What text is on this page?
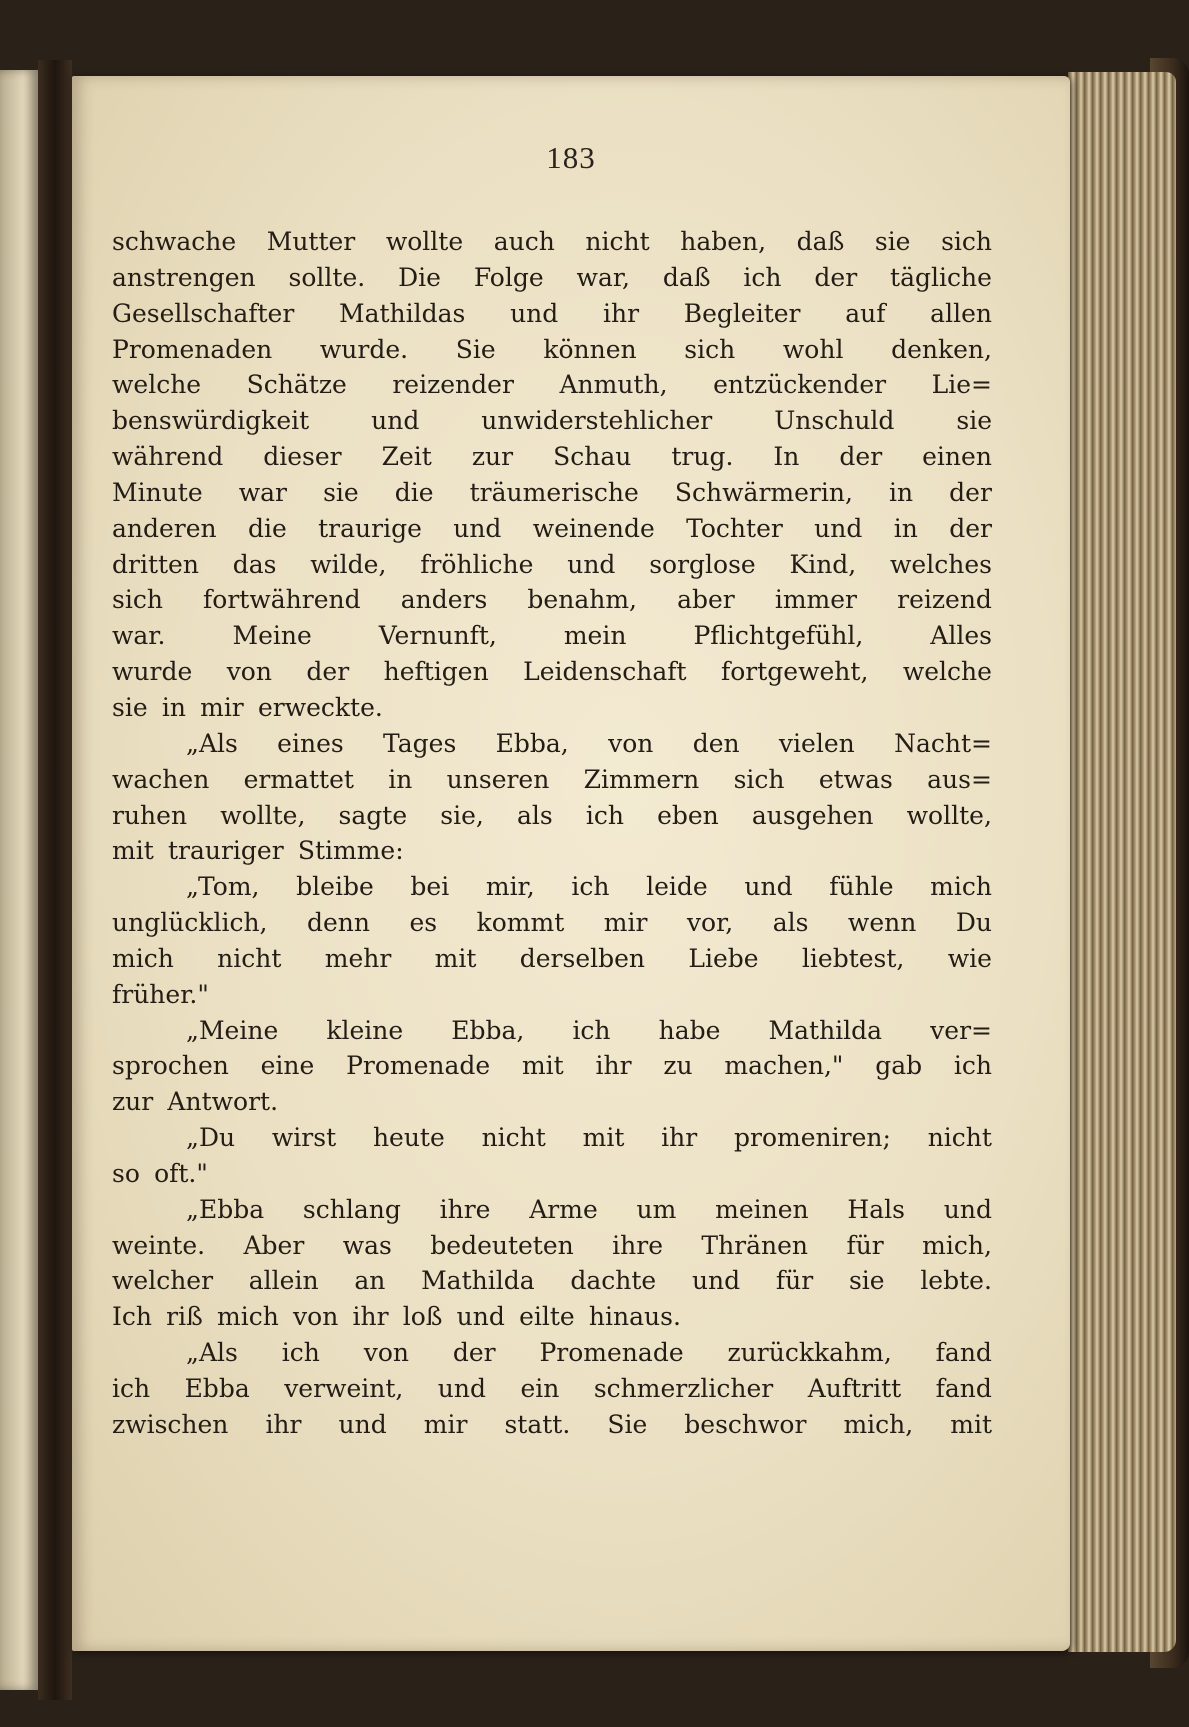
183
schwache Mutter wollte auch nicht haben, daß sie sich
anstrengen sollte. Die Folge war, daß ich der tägliche
Gesellschafter Mathildas und ihr Begleiter auf allen
Promenaden wurde. Sie können sich wohl denken,
welche Schätze reizender Anmuth, entzückender Lie=
benswürdigkeit und unwiderstehlicher Unschuld sie
während dieser Zeit zur Schau trug. In der einen
Minute war sie die träumerische Schwärmerin, in der
anderen die traurige und weinende Tochter und in der
dritten das wilde, fröhliche und sorglose Kind, welches
sich fortwährend anders benahm, aber immer reizend
war.	Meine	Vernunft,	mein	Pflichtgefühl,	Alles
wurde von der heftigen Leidenschaft fortgeweht, welche
sie in mir erweckte.
„Als eines Tages Ebba, von den vielen Nacht=
wachen ermattet in unseren Zimmern sich etwas aus=
ruhen wollte, sagte sie, als ich eben ausgehen wollte,
mit trauriger Stimme:
„Tom, bleibe bei mir, ich leide und fühle mich
unglücklich, denn es kommt mir vor, als wenn Du
mich nicht mehr mit derselben Liebe liebtest, wie
früher."
„Meine kleine Ebba, ich habe Mathilda ver=
sprochen eine Promenade mit ihr zu machen," gab ich
zur Antwort.
„Du wirst heute nicht mit ihr promeniren; nicht
so oft."
„Ebba schlang ihre Arme um meinen Hals und
weinte. Aber was bedeuteten ihre Thränen für mich,
welcher allein an Mathilda dachte und für sie lebte.
Ich riß mich von ihr loß und eilte hinaus.
„Als ich von der Promenade zurückkahm, fand
ich Ebba verweint, und ein schmerzlicher Auftritt fand
zwischen ihr und mir statt. Sie beschwor mich, mit
